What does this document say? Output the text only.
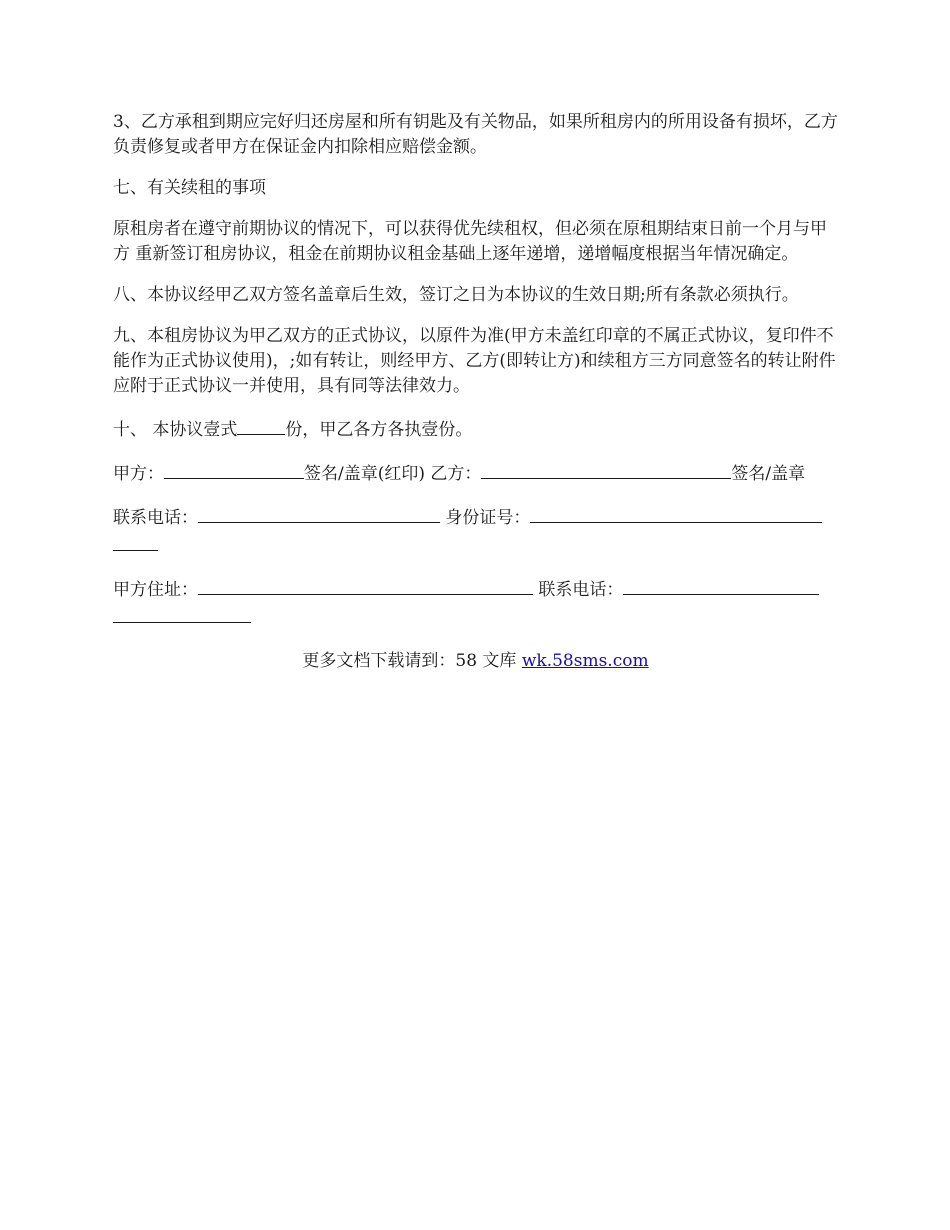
3、乙方承租到期应完好归还房屋和所有钥匙及有关物品，如果所租房内的所用设备有损坏，乙方负责修复或者甲方在保证金内扣除相应赔偿金额。

七、有关续租的事项

原租房者在遵守前期协议的情况下，可以获得优先续租权，但必须在原租期结束日前一个月与甲方 重新签订租房协议，租金在前期协议租金基础上逐年递增，递增幅度根据当年情况确定。

八、本协议经甲乙双方签名盖章后生效，签订之日为本协议的生效日期;所有条款必须执行。

九、本租房协议为甲乙双方的正式协议，以原件为准(甲方未盖红印章的不属正式协议，复印件不能作为正式协议使用)，;如有转让，则经甲方、乙方(即转让方)和续租方三方同意签名的转让附件应附于正式协议一并使用，具有同等法律效力。

十、 本协议壹式	份，甲乙各方各执壹份。

甲方：	签名/盖章(红印) 乙方：	签名/盖章

联系电话：	身份证号：

甲方住址：	联系电话：

更多文档下载请到：58 文库 wk.58sms.com
